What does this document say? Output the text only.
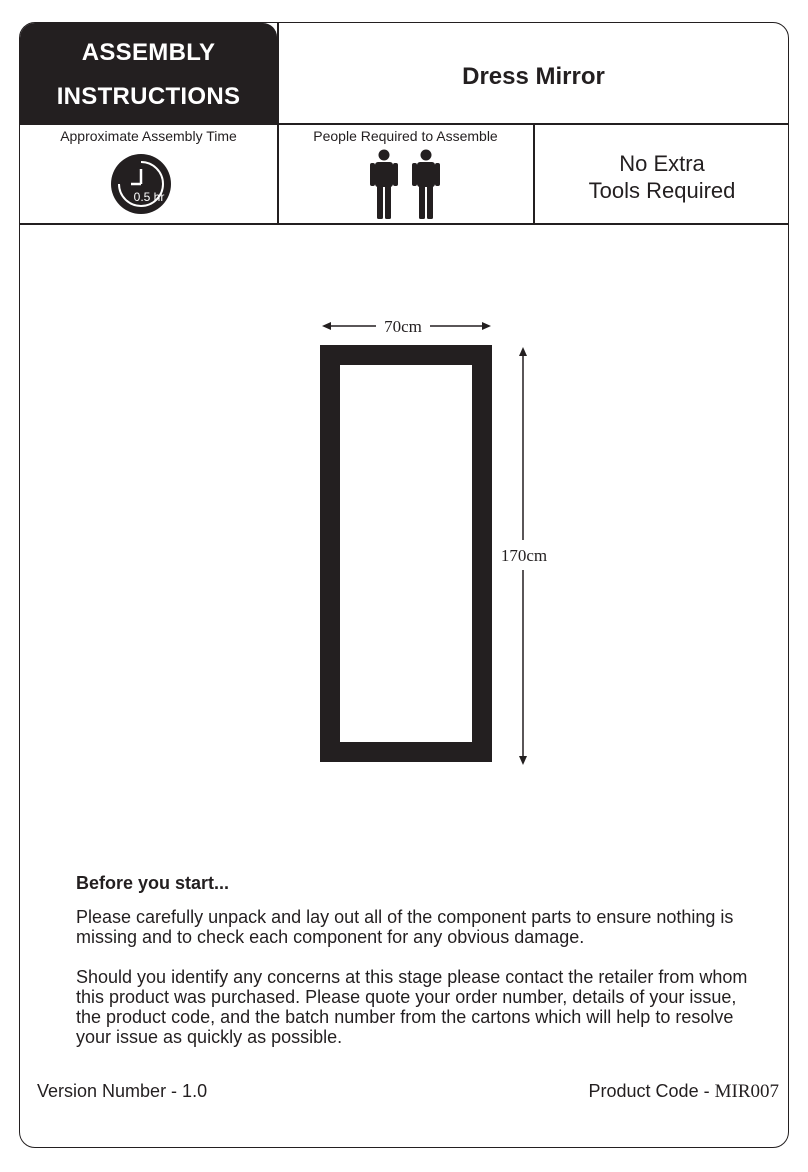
ASSEMBLY
INSTRUCTIONS
Dress Mirror
Approximate Assembly Time
0.5 hr
People Required to Assemble
No Extra
Tools Required
70cm
170cm
Before you start...
Please carefully unpack and lay out all of the component parts to ensure nothing is missing and to check each component for any obvious damage.
Should you identify any concerns at this stage please contact the retailer from whom this product was purchased. Please quote your order number, details of your issue, the product code, and the batch number from the cartons which will help to resolve your issue as quickly as possible.
Version Number - 1.0	Product Code - MIR007
